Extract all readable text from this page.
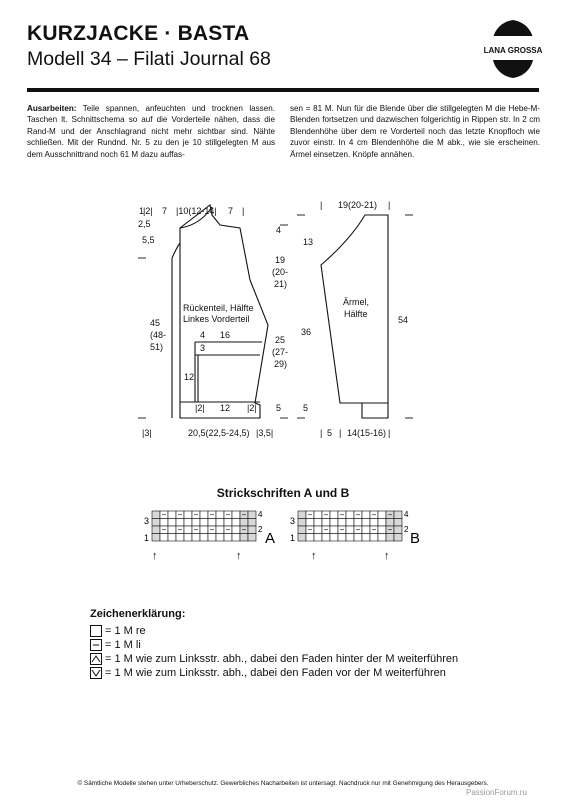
KURZJACKE · BASTA
Modell 34 – Filati Journal 68	LANA GROSSA
Ausarbeiten: Teile spannen, anfeuchten und trocknen lassen. Taschen lt. Schnittschema so auf die Vorderteile nähen, dass die Rand-M und der Anschlagrand nicht mehr sichtbar sind. Nähte schließen. Mit der Rundnd. Nr. 5 zu den je 10 stillgelegten M aus dem Ausschnittrand noch 61 M dazu auffas-
sen = 81 M. Nun für die Blende über die stillgelegten M die Hebe-M-Blenden fortsetzen und dazwischen folgerichtig in Rippen str. In 2 cm Blendenhöhe über dem re Vorderteil noch das letzte Knopfloch wie zuvor einstr. In 4 cm Blendenhöhe die M abk., wie sie erscheinen. Ärmel einsetzen. Knöpfe annähen.
2,5
5,5
45
(48-
51)
1
|2| 7 |10(12-14| 7 |
4
19
(20-
21)
25
(27-
29)
5
Rückenteil, Hälfte
Linkes Vorderteil
4
3
16
12
|2| 12 |2|
|3|	20,5(22,5-24,5) |3,5|
| 19(20-21) |
13
36
5
54
Ärmel,
Hälfte
| 5 | 14(15-16) |
Strickschriften A und B
3
1
4
2
A
↑	↑
3
1
4
2
B
↑	↑
Zeichenerklärung:
= 1 M re
= 1 M li
= 1 M wie zum Linksstr. abh., dabei den Faden hinter der M weiterführen
= 1 M wie zum Linksstr. abh., dabei den Faden vor der M weiterführen
© Sämtliche Modelle stehen unter Urheberschutz. Gewerbliches Nacharbeiten ist untersagt. Nachdruck nur mit Genehmigung des Herausgebers.
PassionForum.ru
